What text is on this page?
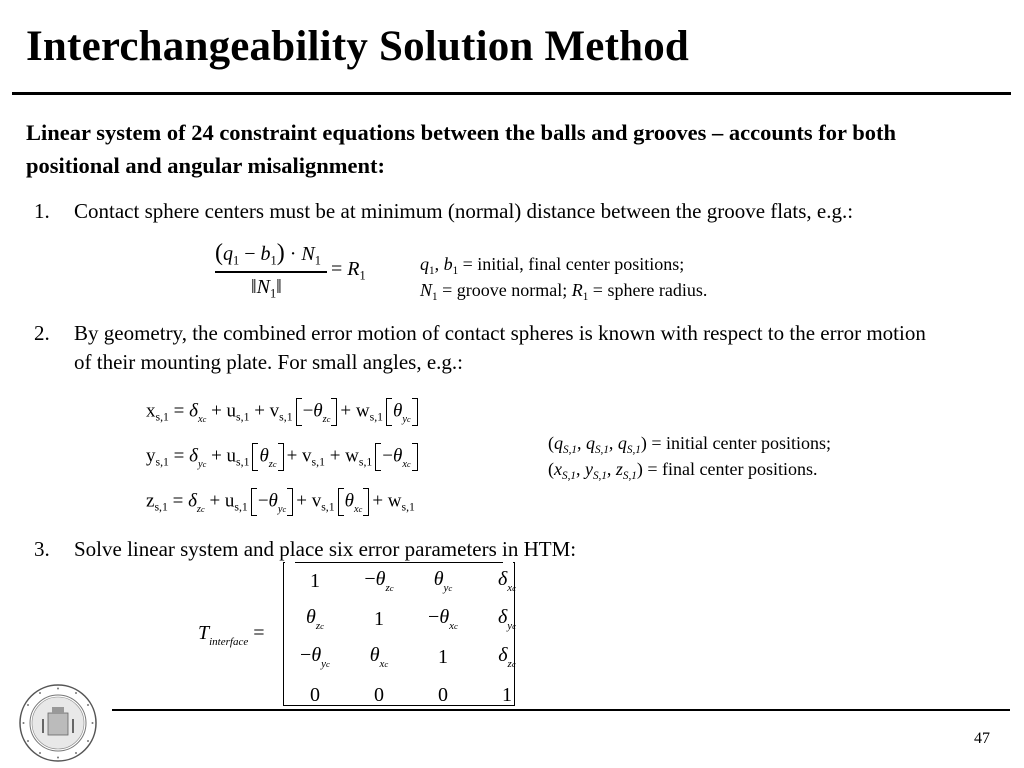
Interchangeability Solution Method
Linear system of 24 constraint equations between the balls and grooves – accounts for both positional and angular misalignment:
1. Contact sphere centers must be at minimum (normal) distance between the groove flats, e.g.:
$(q_1 - b_1) \cdot N_1$
$‖N_1‖$
= $R_1$
$q_1$, $b_1$ = initial, final center positions;
$N_1$ = groove normal; $R_1$ = sphere radius.
2. By geometry, the combined error motion of contact spheres is known with respect to the error motion of their mounting plate. For small angles, e.g.:
$x_{s,1} = \delta_{xc} + u_{s,1} + v_{s,1} -\theta_{zc} + w_{s,1}$ $\theta_{yc}$
$y_{s,1} = \delta_{yc} + u_{s,1}$ $\theta_{zc} + v_{s,1} + w_{s,1} -\theta_{xc}$
$z_{s,1} = \delta_{zc} + u_{s,1} -\theta_{yc} + v_{s,1}$ $\theta_{xc} + w_{s,1}$
($q_{S,1}$, $q_{S,1}$, $q_{S,1}$) = initial center positions;
($x_{S,1}$, $y_{S,1}$, $z_{S,1}$) = final center positions.
3. Solve linear system and place six error parameters in HTM:
$T_{interface}$ =
1	$-\theta_{zc}$	$\theta_{yc}$	$\delta_{xc}$
$\theta_{zc}$	1	$-\theta_{xc}$	$\delta_{yc}$
$-\theta_{yc}$	$\theta_{xc}$	1	$\delta_{zc}$
0	0	0	1
47
